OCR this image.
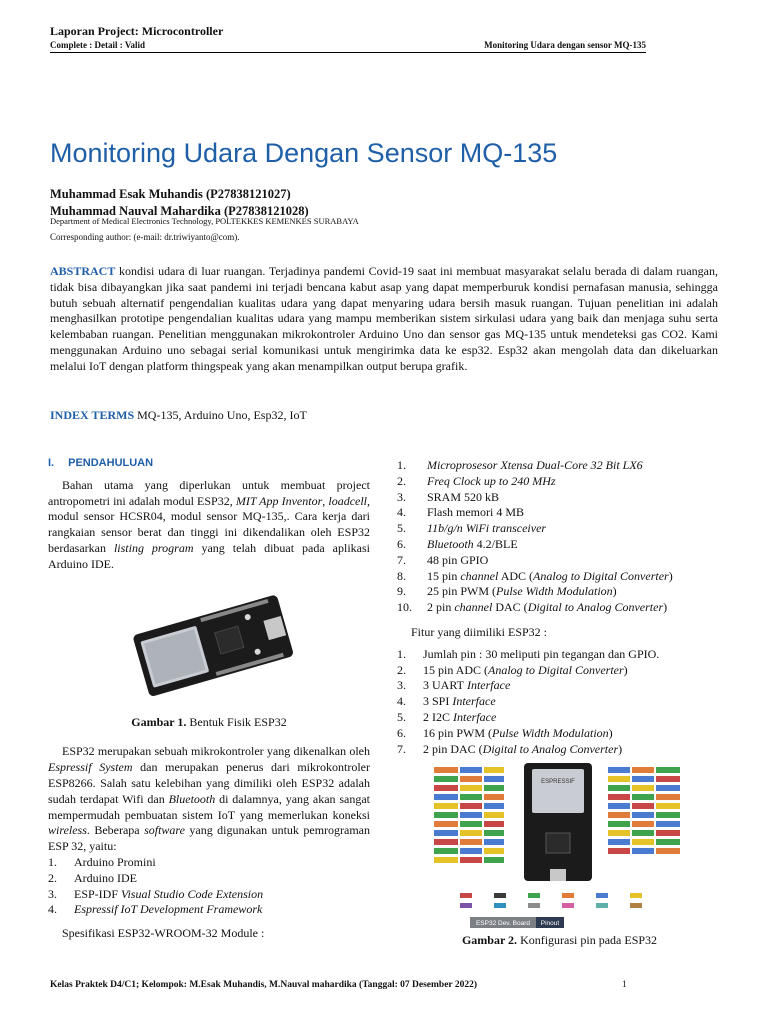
Laporan Project: Microcontroller
Complete : Detail : Valid	Monitoring Udara dengan sensor MQ-135
Monitoring Udara Dengan Sensor MQ-135
Muhammad Esak Muhandis (P27838121027)
Muhammad Nauval Mahardika (P27838121028)
Department of Medical Electronics Technology, POLTEKKES KEMENKES SURABAYA
Corresponding author: (e-mail: dr.triwiyanto@com).
ABSTRACT kondisi udara di luar ruangan. Terjadinya pandemi Covid-19 saat ini membuat masyarakat selalu berada di dalam ruangan, tidak bisa dibayangkan jika saat pandemi ini terjadi bencana kabut asap yang dapat memperburuk kondisi pernafasan manusia, sehingga butuh sebuah alternatif pengendalian kualitas udara yang dapat menyaring udara bersih masuk ruangan. Tujuan penelitian ini adalah menghasilkan prototipe pengendalian kualitas udara yang mampu memberikan sistem sirkulasi udara yang baik dan menjaga suhu serta kelembaban ruangan. Penelitian menggunakan mikrokontroler Arduino Uno dan sensor gas MQ-135 untuk mendeteksi gas CO2. Kami menggunakan Arduino uno sebagai serial komunikasi untuk mengirimka data ke esp32. Esp32 akan mengolah data dan dikeluarkan melalui IoT dengan platform thingspeak yang akan menampilkan output berupa grafik.
INDEX TERMS MQ-135, Arduino Uno, Esp32, IoT
I. PENDAHULUAN

Bahan utama yang diperlukan untuk membuat project antropometri ini adalah modul ESP32, MIT App Inventor, loadcell, modul sensor HCSR04, modul sensor MQ-135,. Cara kerja dari rangkaian sensor berat dan tinggi ini dikendalikan oleh ESP32 berdasarkan listing program yang telah dibuat pada aplikasi Arduino IDE.

Gambar 1. Bentuk Fisik ESP32

ESP32 merupakan sebuah mikrokontroler yang dikenalkan oleh Espressif System dan merupakan penerus dari mikrokontroler ESP8266. Salah satu kelebihan yang dimiliki oleh ESP32 adalah sudah terdapat Wifi dan Bluetooth di dalamnya, yang akan sangat mempermudah pembuatan sistem IoT yang memerlukan koneksi wireless. Beberapa software yang digunakan untuk pemrograman ESP 32, yaitu:

1.	Arduino Promini
2.	Arduino IDE
3.	ESP-IDF
Visual Studio Code Extension
4.	Espressif IoT Development Framework

Spesifikasi ESP32-WROOM-32 Module :

1.	Microprosesor Xtensa Dual-Core 32 Bit LX6
2.	Freq Clock up to 240 MHz
3.	SRAM 520 kB
4.	Flash memori 4 MB
5.	11b/g/n WiFi transceiver
6.	Bluetooth
4.2/BLE
7.	48 pin GPIO
8.	15 pin channel ADC (Analog to Digital Converter)
9.	25 pin PWM (Pulse Width Modulation)
10.	2 pin channel DAC (Digital to Analog Converter)

Fitur yang diimiliki ESP32 :

1.	Jumlah pin : 30 meliputi pin tegangan dan GPIO.
2.	15 pin ADC (Analog to Digital Converter)
3.	3 UART
Interface
4.	3 SPI
Interface
5.	2 I2C
Interface
6.	16 pin PWM (Pulse Width Modulation)
7.	2 pin DAC (Digital to Analog Converter)
ESPRESSIF
ESP32 Dev. Board Pinout
Gambar 2. Konfigurasi pin pada ESP32
Kelas Praktek D4/C1; Kelompok: M.Esak Muhandis, M.Nauval mahardika (Tanggal: 07 Desember 2022)	1
